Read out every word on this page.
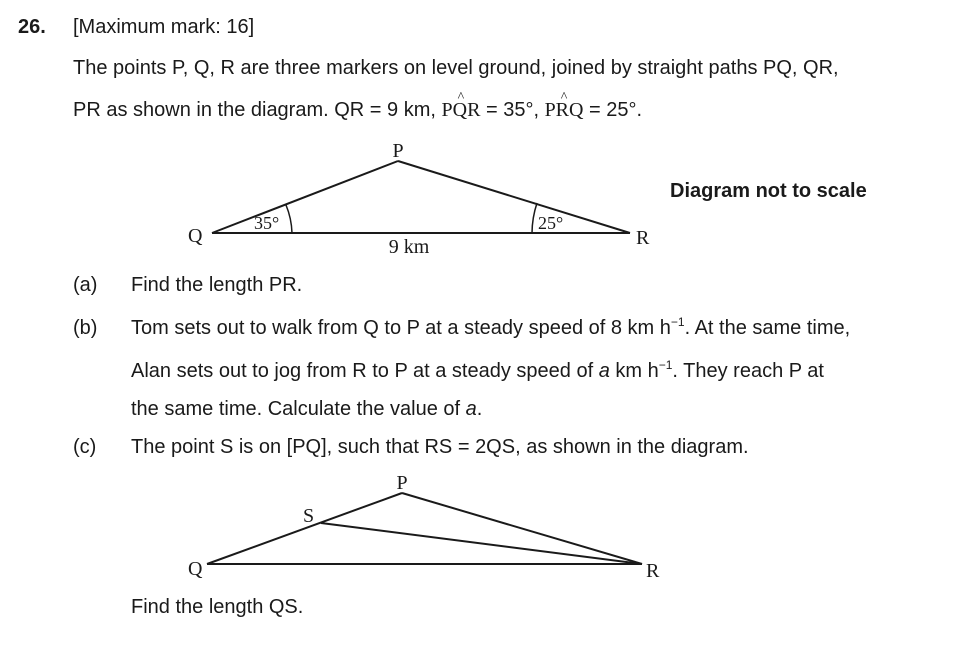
26. [Maximum mark: 16]
The points P, Q, R are three markers on level ground, joined by straight paths PQ, QR,
PR as shown in the diagram. QR = 9 km, ^ PQR = 35°, ^ PRQ = 25°.
P
Q	R
35°	25°
9 km
P
Q	R
S
Diagram not to scale
(a) Find the length PR.
(b) Tom sets out to walk from Q to P at a steady speed of 8 km $h^{-1}$. At the same time,
Alan sets out to jog from R to P at a steady speed of a km $h^{-1}$. They reach P at
the same time. Calculate the value of a.
(c) The point S is on [PQ], such that RS = 2QS, as shown in the diagram.
Find the length QS.
